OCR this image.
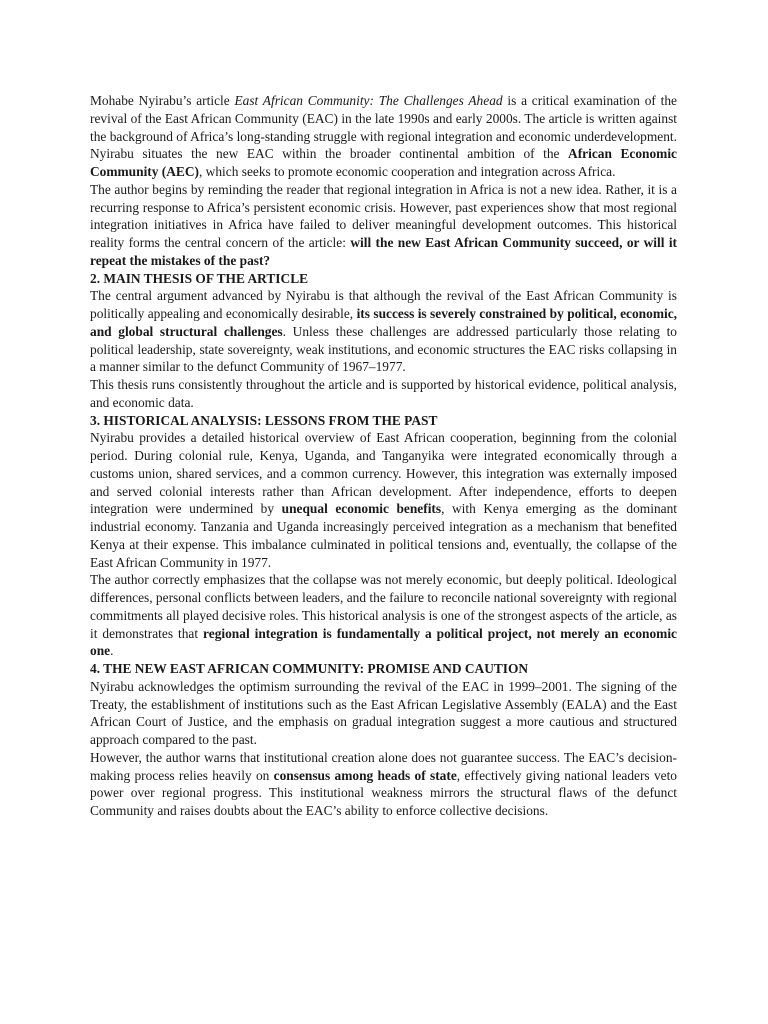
Mohabe Nyirabu’s article East African Community: The Challenges Ahead is a critical examination of the revival of the East African Community (EAC) in the late 1990s and early 2000s. The article is written against the background of Africa’s long-standing struggle with regional integration and economic underdevelopment. Nyirabu situates the new EAC within the broader continental ambition of the African Economic Community (AEC), which seeks to promote economic cooperation and integration across Africa.

The author begins by reminding the reader that regional integration in Africa is not a new idea. Rather, it is a recurring response to Africa’s persistent economic crisis. However, past experiences show that most regional integration initiatives in Africa have failed to deliver meaningful development outcomes. This historical reality forms the central concern of the article: will the new East African Community succeed, or will it repeat the mistakes of the past?

2. MAIN THESIS OF THE ARTICLE

The central argument advanced by Nyirabu is that although the revival of the East African Community is politically appealing and economically desirable, its success is severely constrained by political, economic, and global structural challenges. Unless these challenges are addressed particularly those relating to political leadership, state sovereignty, weak institutions, and economic structures the EAC risks collapsing in a manner similar to the defunct Community of 1967–1977.

This thesis runs consistently throughout the article and is supported by historical evidence, political analysis, and economic data.

3. HISTORICAL ANALYSIS: LESSONS FROM THE PAST

Nyirabu provides a detailed historical overview of East African cooperation, beginning from the colonial period. During colonial rule, Kenya, Uganda, and Tanganyika were integrated economically through a customs union, shared services, and a common currency. However, this integration was externally imposed and served colonial interests rather than African development. After independence, efforts to deepen integration were undermined by unequal economic benefits, with Kenya emerging as the dominant industrial economy. Tanzania and Uganda increasingly perceived integration as a mechanism that benefited Kenya at their expense. This imbalance culminated in political tensions and, eventually, the collapse of the East African Community in 1977.

The author correctly emphasizes that the collapse was not merely economic, but deeply political. Ideological differences, personal conflicts between leaders, and the failure to reconcile national sovereignty with regional commitments all played decisive roles. This historical analysis is one of the strongest aspects of the article, as it demonstrates that regional integration is fundamentally a political project, not merely an economic one.

4. THE NEW EAST AFRICAN COMMUNITY: PROMISE AND CAUTION

Nyirabu acknowledges the optimism surrounding the revival of the EAC in 1999–2001. The signing of the Treaty, the establishment of institutions such as the East African Legislative Assembly (EALA) and the East African Court of Justice, and the emphasis on gradual integration suggest a more cautious and structured approach compared to the past.

However, the author warns that institutional creation alone does not guarantee success. The EAC’s decision-making process relies heavily on consensus among heads of state, effectively giving national leaders veto power over regional progress. This institutional weakness mirrors the structural flaws of the defunct Community and raises doubts about the EAC’s ability to enforce collective decisions.
